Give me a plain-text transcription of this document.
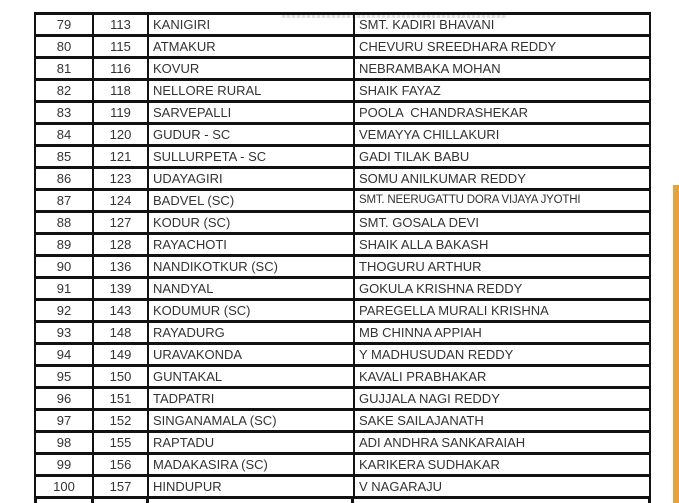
79	113	KANIGIRI	SMT. KADIRI BHAVANI
80	115	ATMAKUR	CHEVURU SREEDHARA REDDY
81	116	KOVUR	NEBRAMBAKA MOHAN
82	118	NELLORE RURAL	SHAIK FAYAZ
83	119	SARVEPALLI	POOLA  CHANDRASHEKAR
84	120	GUDUR - SC	VEMAYYA CHILLAKURI
85	121	SULLURPETA - SC	GADI TILAK BABU
86	123	UDAYAGIRI	SOMU ANILKUMAR REDDY
87	124	BADVEL (SC)	SMT. NEERUGATTU DORA VIJAYA JYOTHI
88	127	KODUR (SC)	SMT. GOSALA DEVI
89	128	RAYACHOTI	SHAIK ALLA BAKASH
90	136	NANDIKOTKUR (SC)	THOGURU ARTHUR
91	139	NANDYAL	GOKULA KRISHNA REDDY
92	143	KODUMUR (SC)	PAREGELLA MURALI KRISHNA
93	148	RAYADURG	MB CHINNA APPIAH
94	149	URAVAKONDA	Y MADHUSUDAN REDDY
95	150	GUNTAKAL	KAVALI PRABHAKAR
96	151	TADPATRI	GUJJALA NAGI REDDY
97	152	SINGANAMALA (SC)	SAKE SAILAJANATH
98	155	RAPTADU	ADI ANDHRA SANKARAIAH
99	156	MADAKASIRA (SC)	KARIKERA SUDHAKAR
100	157	HINDUPUR	V NAGARAJU
